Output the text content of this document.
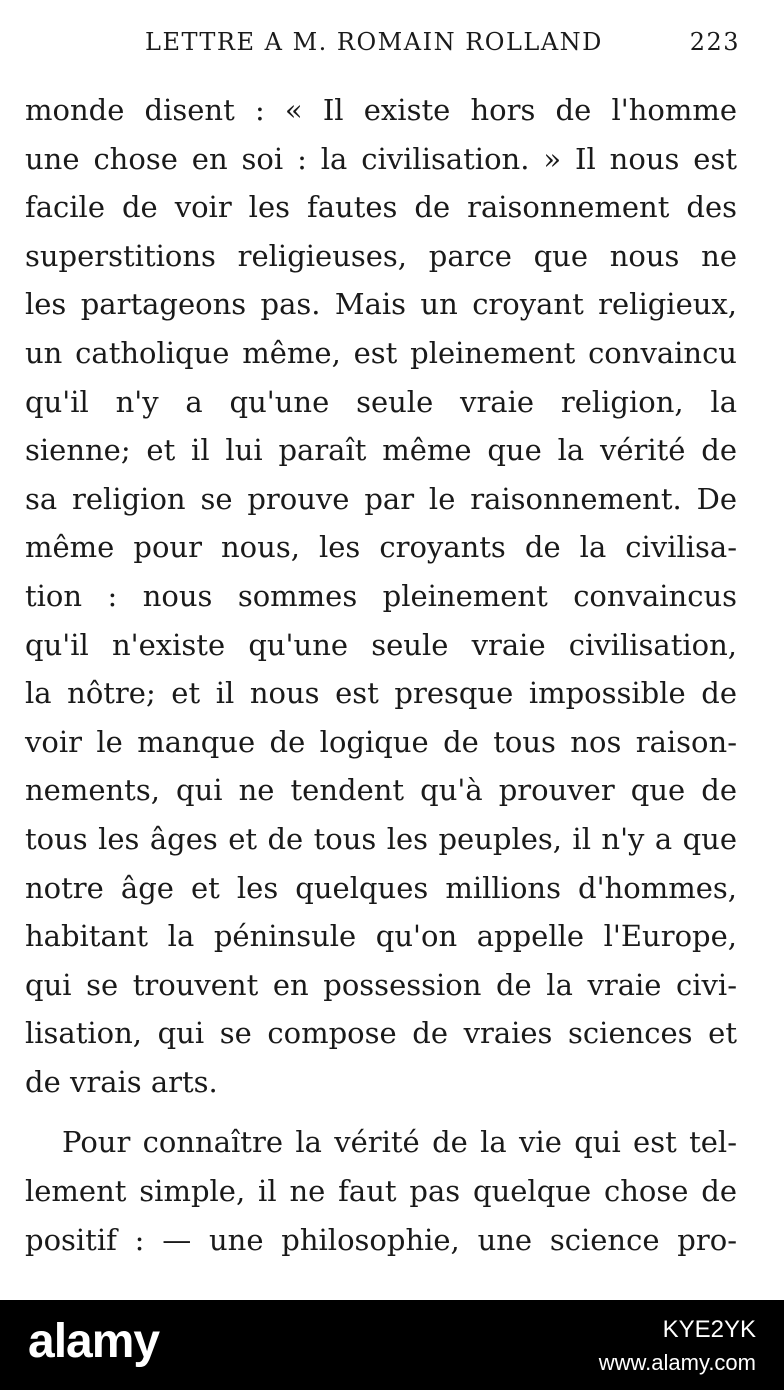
LETTRE A M. ROMAIN ROLLAND	223
monde disent : « Il existe hors de l'homme
une chose en soi : la civilisation. » Il nous est
facile de voir les fautes de raisonnement des
superstitions religieuses, parce que nous ne
les partageons pas. Mais un croyant religieux,
un catholique même, est pleinement convaincu
qu'il n'y a qu'une seule vraie religion, la
sienne; et il lui paraît même que la vérité de
sa religion se prouve par le raisonnement. De
même pour nous, les croyants de la civilisa-
tion : nous sommes pleinement convaincus
qu'il n'existe qu'une seule vraie civilisation,
la nôtre; et il nous est presque impossible de
voir le manque de logique de tous nos raison-
nements, qui ne tendent qu'à prouver que de
tous les âges et de tous les peuples, il n'y a que
notre âge et les quelques millions d'hommes,
habitant la péninsule qu'on appelle l'Europe,
qui se trouvent en possession de la vraie civi-
lisation, qui se compose de vraies sciences et
de vrais arts.
Pour connaître la vérité de la vie qui est tel-
lement simple, il ne faut pas quelque chose de
positif : — une philosophie, une science pro-
alamy	KYE2YK
www.alamy.com
